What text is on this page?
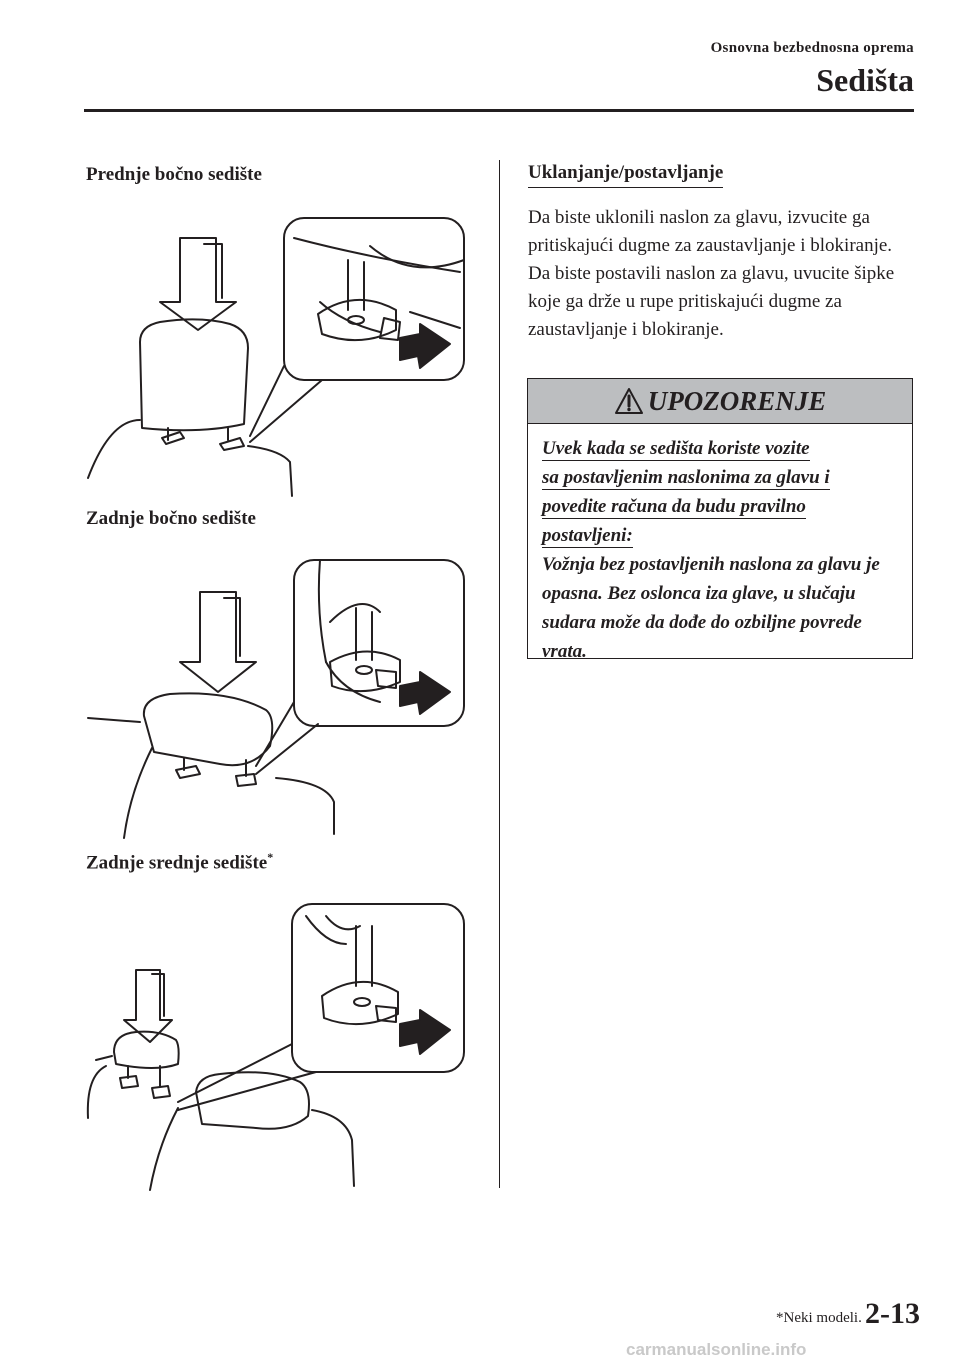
Osnovna bezbednosna oprema
Sedišta
Prednje bočno sedište
Zadnje bočno sedište
Zadnje srednje sedište*
Uklanjanje/postavljanje

Da biste uklonili naslon za glavu, izvucite ga pritiskajući dugme za zaustavljanje i blokiranje.

Da biste postavili naslon za glavu, uvucite šipke koje ga drže u rupe pritiskajući dugme za zaustavljanje i blokiranje.

UPOZORENJE
Uvek kada se sedišta koriste vozite
sa postavljenim naslonima za glavu i
povedite računa da budu pravilno
postavljeni:
Vožnja bez postavljenih naslona za glavu je opasna. Bez oslonca iza glave, u slučaju sudara može da dođe do ozbiljne povrede vrata.
*Neki modeli. 2-13
carmanualsonline.info
